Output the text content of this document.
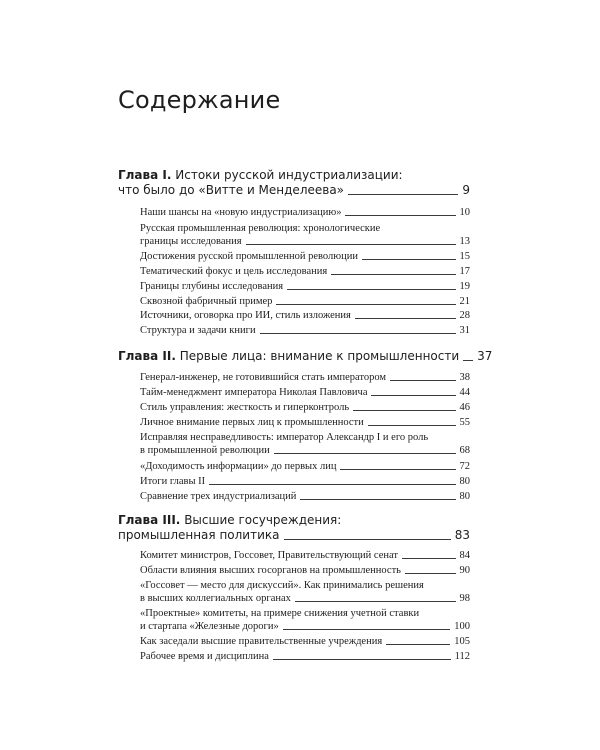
Содержание
Глава I. Истоки русской индустриализации:
что было до «Витте и Менделеева»	9
Наши шансы на «новую индустриализацию»	10
Русская промышленная революция: хронологические
границы исследования	13
Достижения русской промышленной революции	15
Тематический фокус и цель исследования	17
Границы глубины исследования	19
Сквозной фабричный пример	21
Источники, оговорка про ИИ, стиль изложения	28
Структура и задачи книги	31
Глава II. Первые лица: внимание к промышленности 37
Генерал-инженер, не готовившийся стать императором	38
Тайм-менеджмент императора Николая Павловича	44
Стиль управления: жесткость и гиперконтроль	46
Личное внимание первых лиц к промышленности	55
Исправляя несправедливость: император Александр I и его роль
в промышленной революции	68
«Доходимость информации» до первых лиц	72
Итоги главы II	80
Сравнение трех индустриализаций	80
Глава III. Высшие госучреждения:
промышленная политика	83
Комитет министров, Госсовет, Правительствующий сенат	84
Области влияния высших госорганов на промышленность	90
«Госсовет — место для дискуссий». Как принимались решения
в высших коллегиальных органах	98
«Проектные» комитеты, на примере снижения учетной ставки
и стартапа «Железные дороги»	100
Как заседали высшие правительственные учреждения	105
Рабочее время и дисциплина	112
